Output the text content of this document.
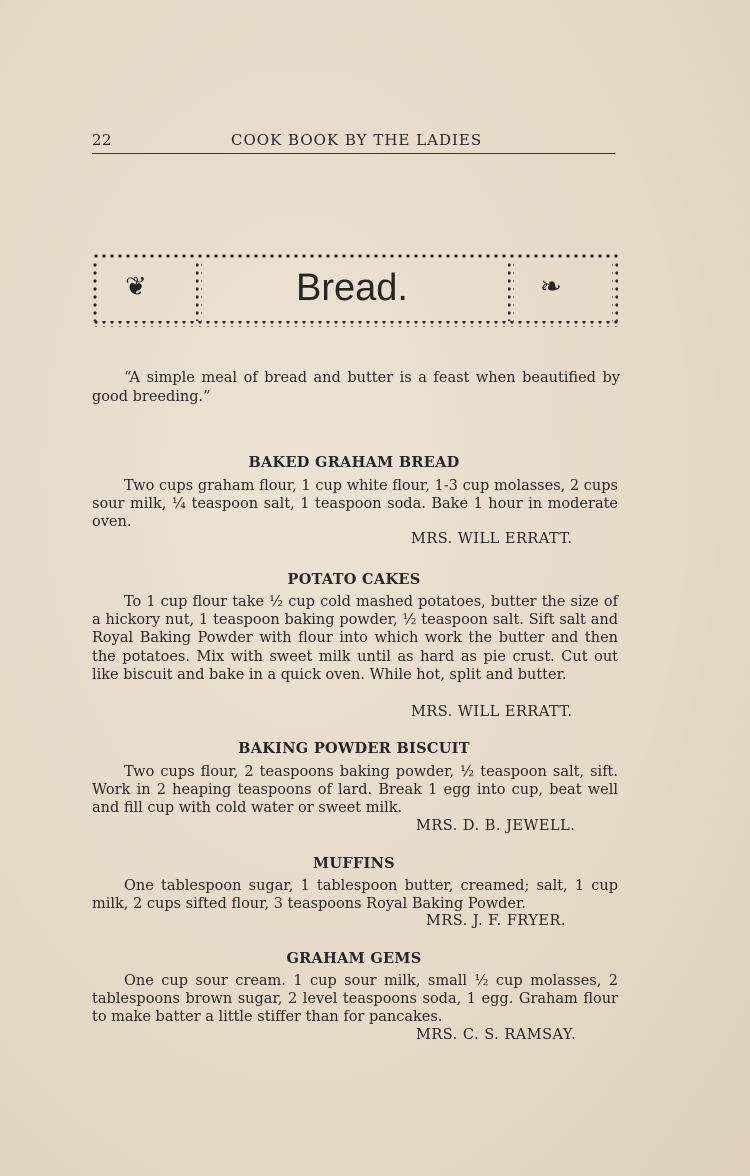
22	COOK BOOK BY THE LADIES
❦	Bread.	❧
“A simple meal of bread and butter is a feast when beautified by good breeding.”
BAKED GRAHAM BREAD
Two cups graham flour, 1 cup white flour, 1-3 cup molasses, 2 cups sour milk, ¼ teaspoon salt, 1 teaspoon soda. Bake 1 hour in moderate oven.
MRS. WILL ERRATT.
POTATO CAKES
To 1 cup flour take ½ cup cold mashed potatoes, butter the size of a hickory nut, 1 teaspoon baking powder, ½ teaspoon salt. Sift salt and Royal Baking Powder with flour into which work the butter and then the potatoes. Mix with sweet milk until as hard as pie crust. Cut out like biscuit and bake in a quick oven. While hot, split and butter.
MRS. WILL ERRATT.
BAKING POWDER BISCUIT
Two cups flour, 2 teaspoons baking powder, ½ teaspoon salt, sift. Work in 2 heaping teaspoons of lard. Break 1 egg into cup, beat well and fill cup with cold water or sweet milk.
MRS. D. B. JEWELL.
MUFFINS
One tablespoon sugar, 1 tablespoon butter, creamed; salt, 1 cup milk, 2 cups sifted flour, 3 teaspoons Royal Baking Powder.
MRS. J. F. FRYER.
GRAHAM GEMS
One cup sour cream. 1 cup sour milk, small ½ cup molasses, 2 tablespoons brown sugar, 2 level teaspoons soda, 1 egg. Graham flour to make batter a little stiffer than for pancakes.
MRS. C. S. RAMSAY.
